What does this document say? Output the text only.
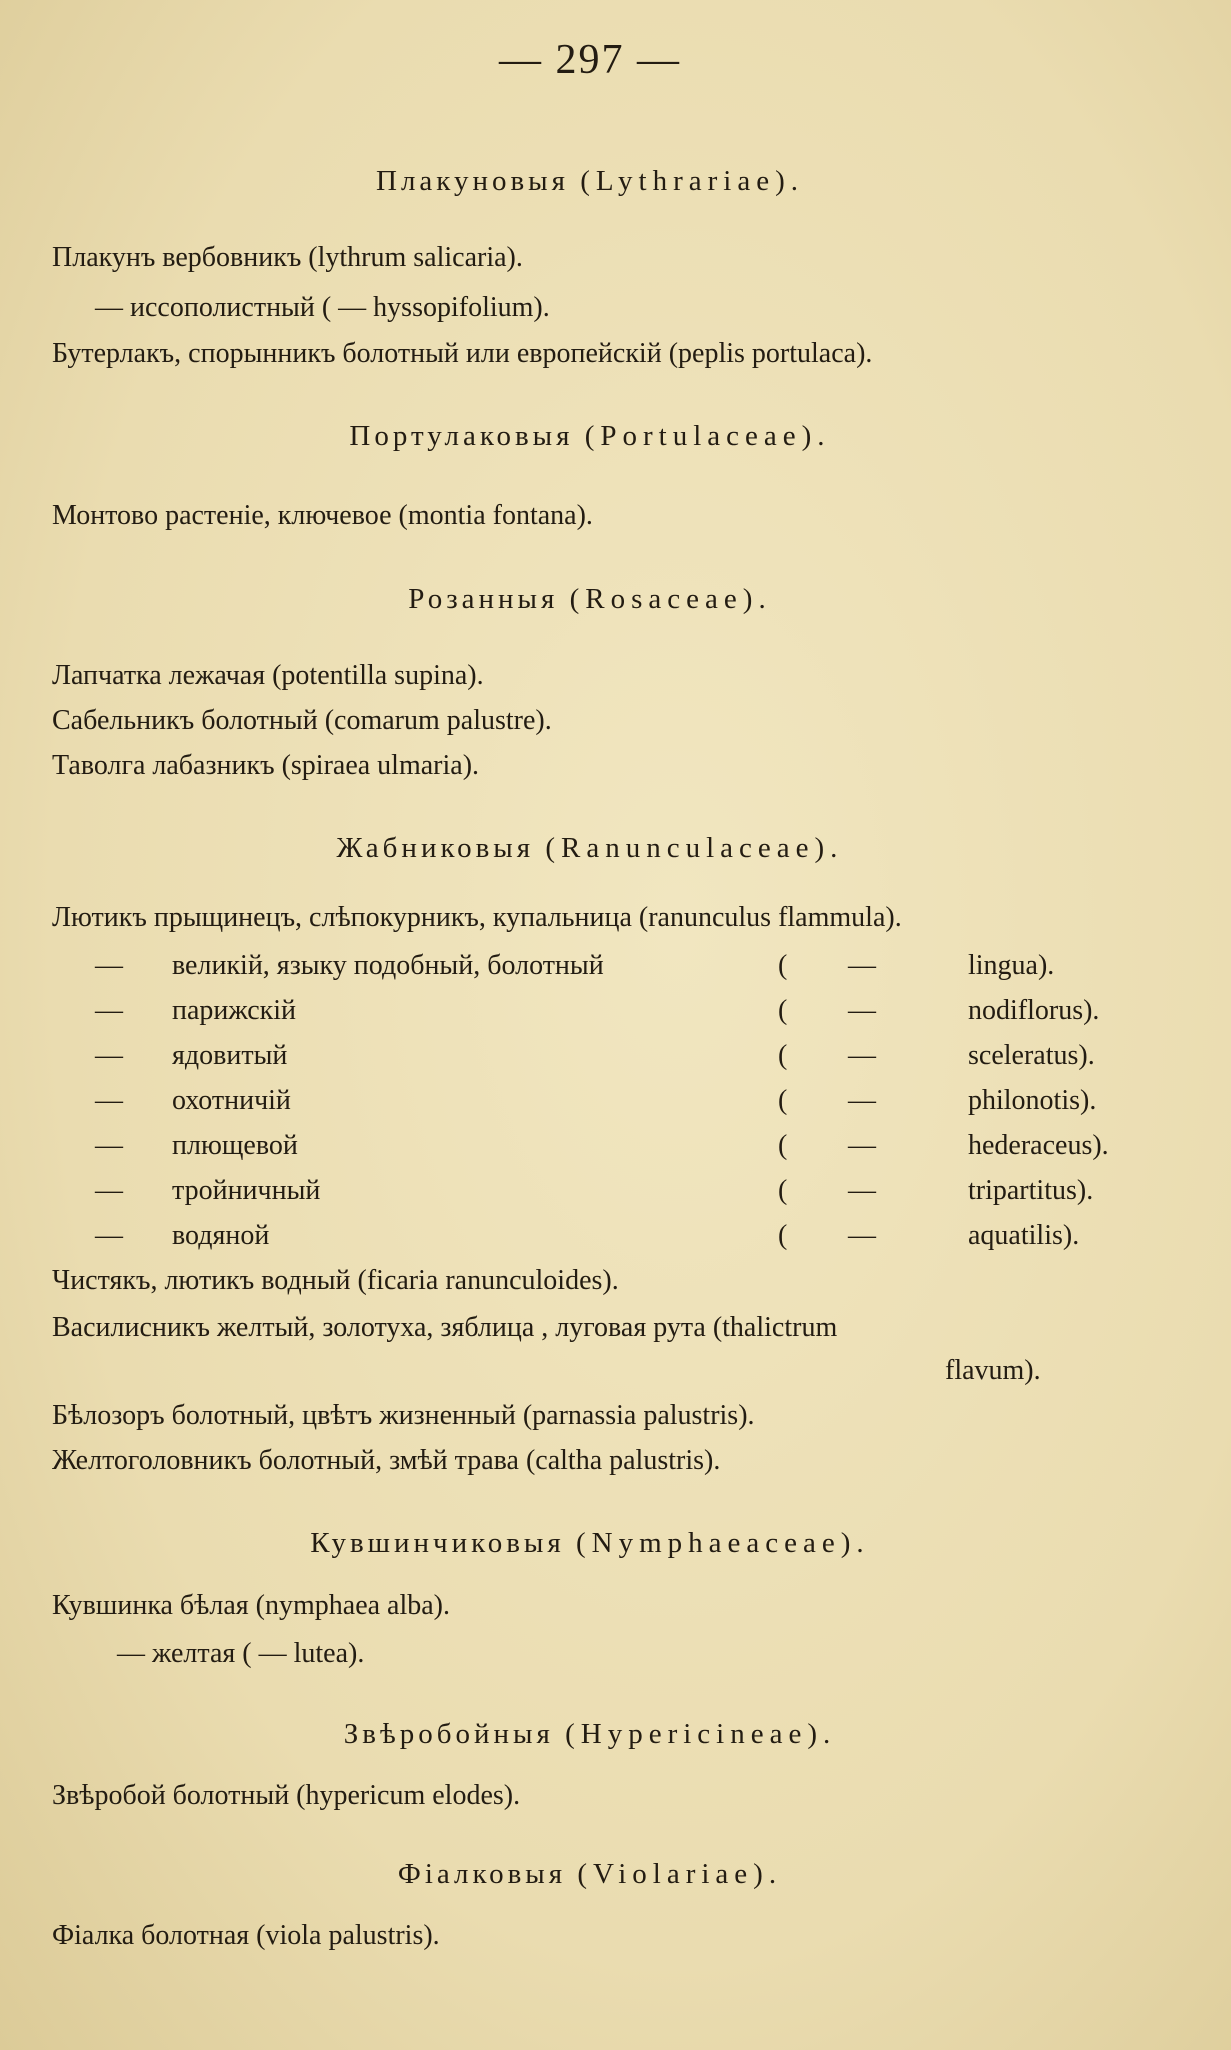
— 297 —
Плакуновыя (Lythrariae).
Плакунъ вербовникъ (lythrum salicaria).
— иссополистный ( — hyssopifolium).
Бутерлакъ, спорынникъ болотный или европейскій (peplis portulaca).
Портулаковыя (Portulaceae).
Монтово растеніе, ключевое (montia fontana).
Розанныя (Rosaceae).
Лапчатка лежачая (potentilla supina).
Сабельникъ болотный (comarum palustre).
Таволга лабазникъ (spiraea ulmaria).
Жабниковыя (Ranunculaceae).
Лютикъ прыщинецъ, слѣпокурникъ, купальница (ranunculus flammula).
— великій, языку подобный, болотный	( —	lingua).
— парижскій	( —	nodiflorus).
— ядовитый	( —	sceleratus).
— охотничій	( —	philonotis).
— плющевой	( —	hederaceus).
— тройничный	( —	tripartitus).
— водяной	( —	aquatilis).
Чистякъ, лютикъ водный (ficaria ranunculoides).
Василисникъ желтый, золотуха, зяблица , луговая рута (thalictrum
flavum).
Бѣлозоръ болотный, цвѣтъ жизненный (parnassia palustris).
Желтоголовникъ болотный, змѣй трава (caltha palustris).
Кувшинчиковыя (Nymphaeaceae).
Кувшинка бѣлая (nymphaea alba).
— желтая ( — lutea).
Звѣробойныя (Hypericineae).
Звѣробой болотный (hypericum elodes).
Фіалковыя (Violariae).
Фіалка болотная (viola palustris).
